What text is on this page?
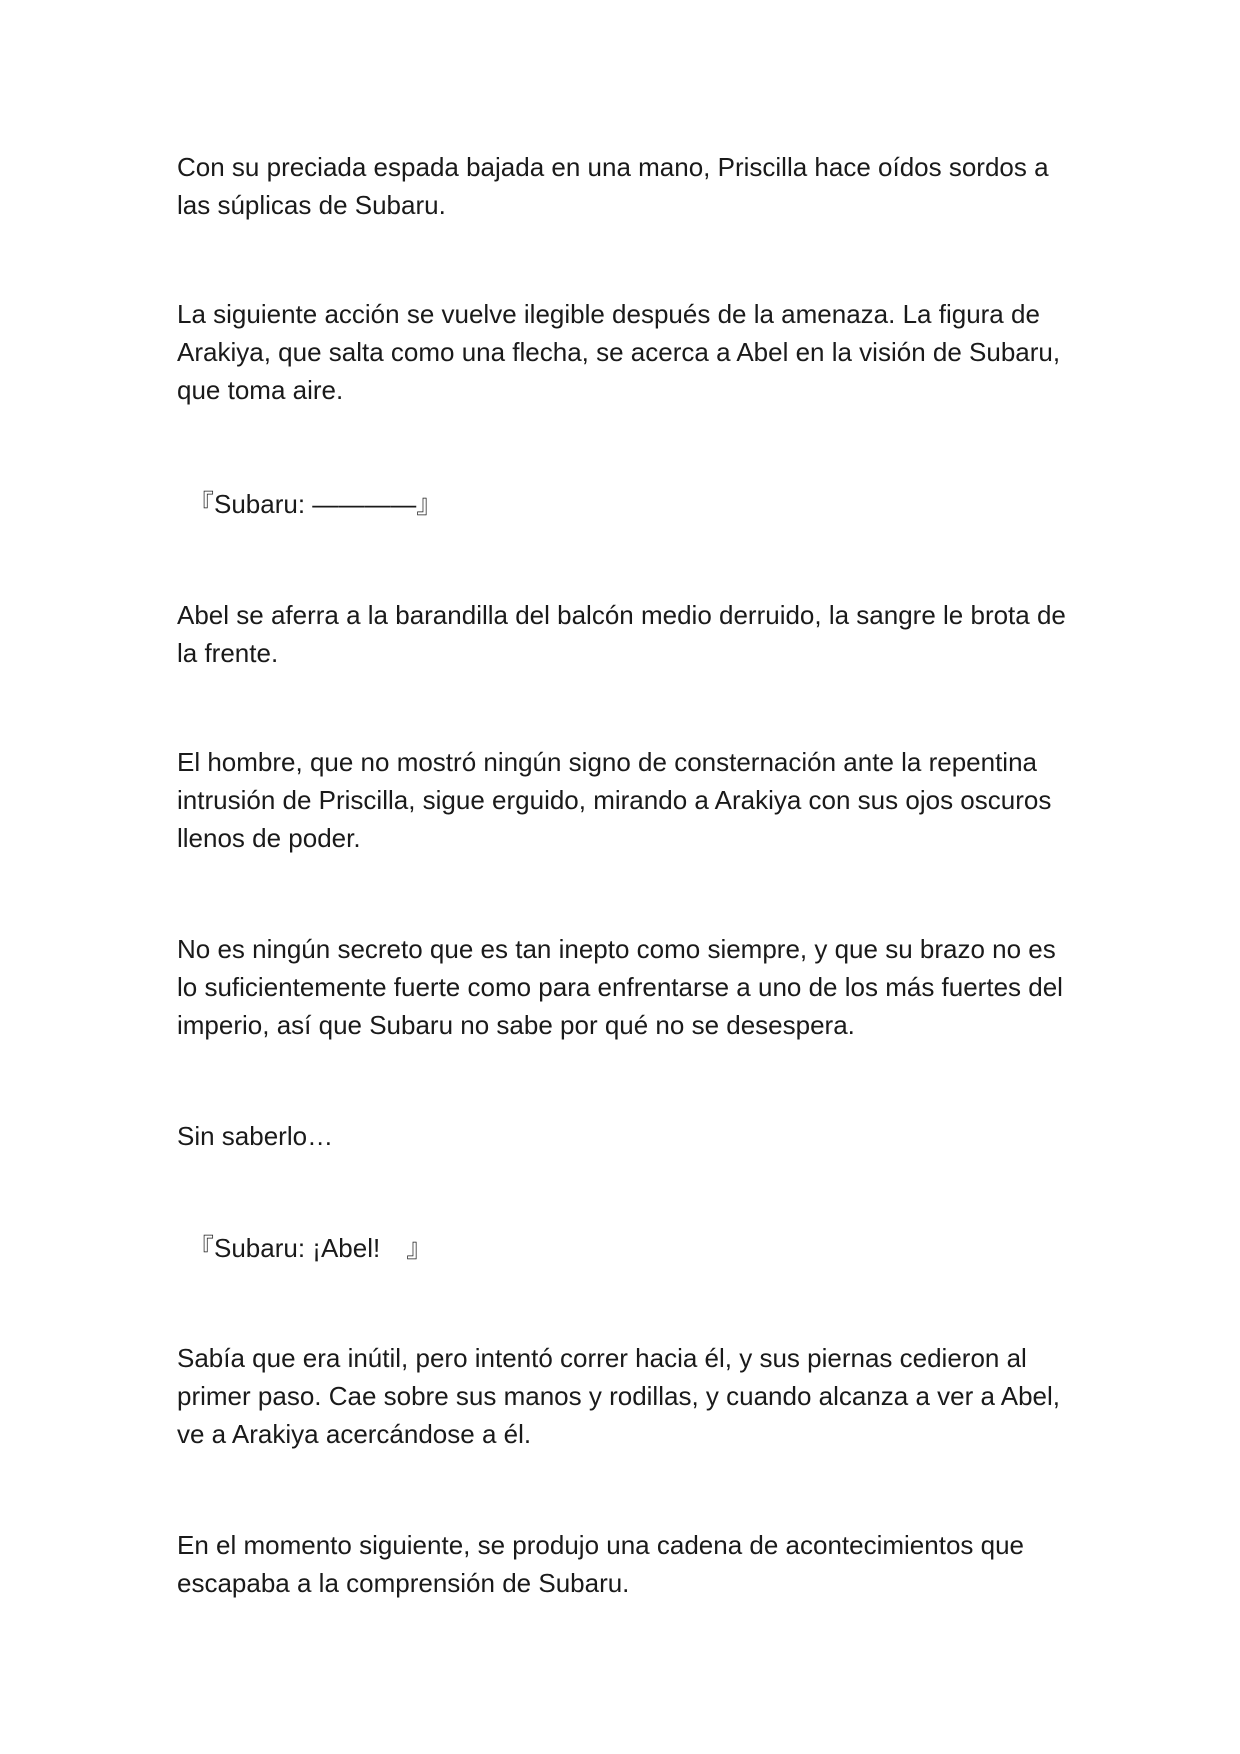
Con su preciada espada bajada en una mano, Priscilla hace oídos sordos a las súplicas de Subaru.

La siguiente acción se vuelve ilegible después de la amenaza. La figura de Arakiya, que salta como una flecha, se acerca a Abel en la visión de Subaru, que toma aire.

『Subaru: ————』

Abel se aferra a la barandilla del balcón medio derruido, la sangre le brota de la frente.

El hombre, que no mostró ningún signo de consternación ante la repentina intrusión de Priscilla, sigue erguido, mirando a Arakiya con sus ojos oscuros llenos de poder.

No es ningún secreto que es tan inepto como siempre, y que su brazo no es lo suficientemente fuerte como para enfrentarse a uno de los más fuertes del imperio, así que Subaru no sabe por qué no se desespera.

Sin saberlo…

『Subaru: ¡Abel!　』

Sabía que era inútil, pero intentó correr hacia él, y sus piernas cedieron al primer paso. Cae sobre sus manos y rodillas, y cuando alcanza a ver a Abel, ve a Arakiya acercándose a él.

En el momento siguiente, se produjo una cadena de acontecimientos que escapaba a la comprensión de Subaru.
